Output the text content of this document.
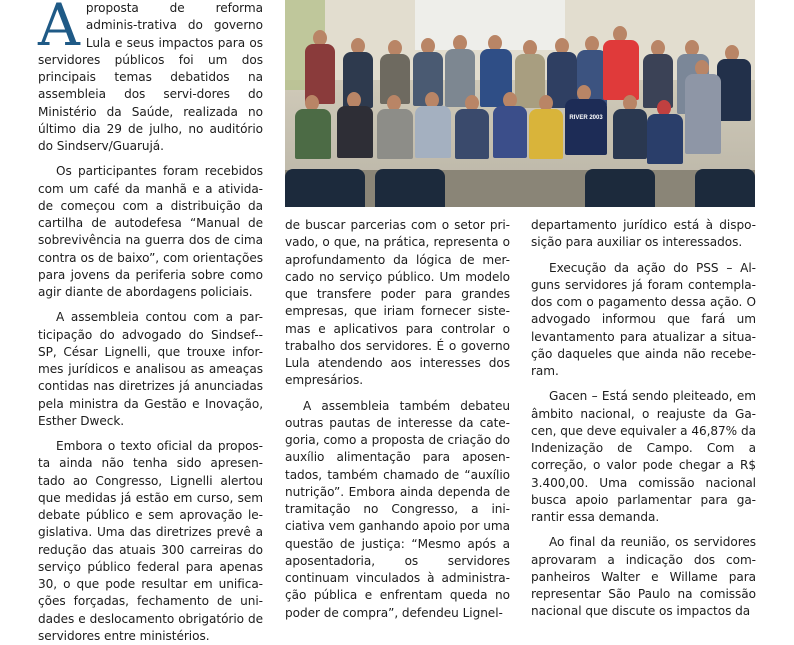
Aproposta de reforma adminis-trativa do governo Lula e seus impactos para os servidores públicos foi um dos principais temas debatidos na assembleia dos servi-dores do Ministério da Saúde, realizada no último dia 29 de julho, no auditório do Sindserv/Guarujá.

Os participantes foram recebidos com um café da manhã e a ativida-de começou com a distribuição da cartilha de autodefesa “Manual de sobrevivência na guerra dos de cima contra os de baixo”, com orientações para jovens da periferia sobre como agir diante de abordagens policiais.

A assembleia contou com a par-ticipação do advogado do Sindsef--SP, César Lignelli, que trouxe infor-mes jurídicos e analisou as ameaças contidas nas diretrizes já anunciadas pela ministra da Gestão e Inovação, Esther Dweck.

Embora o texto oficial da propos-ta ainda não tenha sido apresen-tado ao Congresso, Lignelli alertou que medidas já estão em curso, sem debate público e sem aprovação le-gislativa. Uma das diretrizes prevê a redução das atuais 300 carreiras do serviço público federal para apenas 30, o que pode resultar em unifica-ções forçadas, fechamento de uni-dades e deslocamento obrigatório de servidores entre ministérios.

RIVER 2003

de buscar parcerias com o setor pri-vado, o que, na prática, representa o aprofundamento da lógica de mer-cado no serviço público. Um modelo que transfere poder para grandes empresas, que iriam fornecer siste-mas e aplicativos para controlar o trabalho dos servidores. É o governo Lula atendendo aos interesses dos empresários.

A assembleia também debateu outras pautas de interesse da cate-goria, como a proposta de criação do auxílio alimentação para aposen-tados, também chamado de “auxílio nutrição”. Embora ainda dependa de tramitação no Congresso, a ini-ciativa vem ganhando apoio por uma questão de justiça: “Mesmo após a aposentadoria, os servidores continuam vinculados à administra-ção pública e enfrentam queda no poder de compra”, defendeu Lignel-

departamento jurídico está à dispo-sição para auxiliar os interessados.

Execução da ação do PSS – Al-guns servidores já foram contempla-dos com o pagamento dessa ação. O advogado informou que fará um levantamento para atualizar a situa-ção daqueles que ainda não recebe-ram.

Gacen – Está sendo pleiteado, em âmbito nacional, o reajuste da Ga-cen, que deve equivaler a 46,87% da Indenização de Campo. Com a correção, o valor pode chegar a R$ 3.400,00. Uma comissão nacional busca apoio parlamentar para ga-rantir essa demanda.

Ao final da reunião, os servidores aprovaram a indicação dos com-panheiros Walter e Willame para representar São Paulo na comissão nacional que discute os impactos da
